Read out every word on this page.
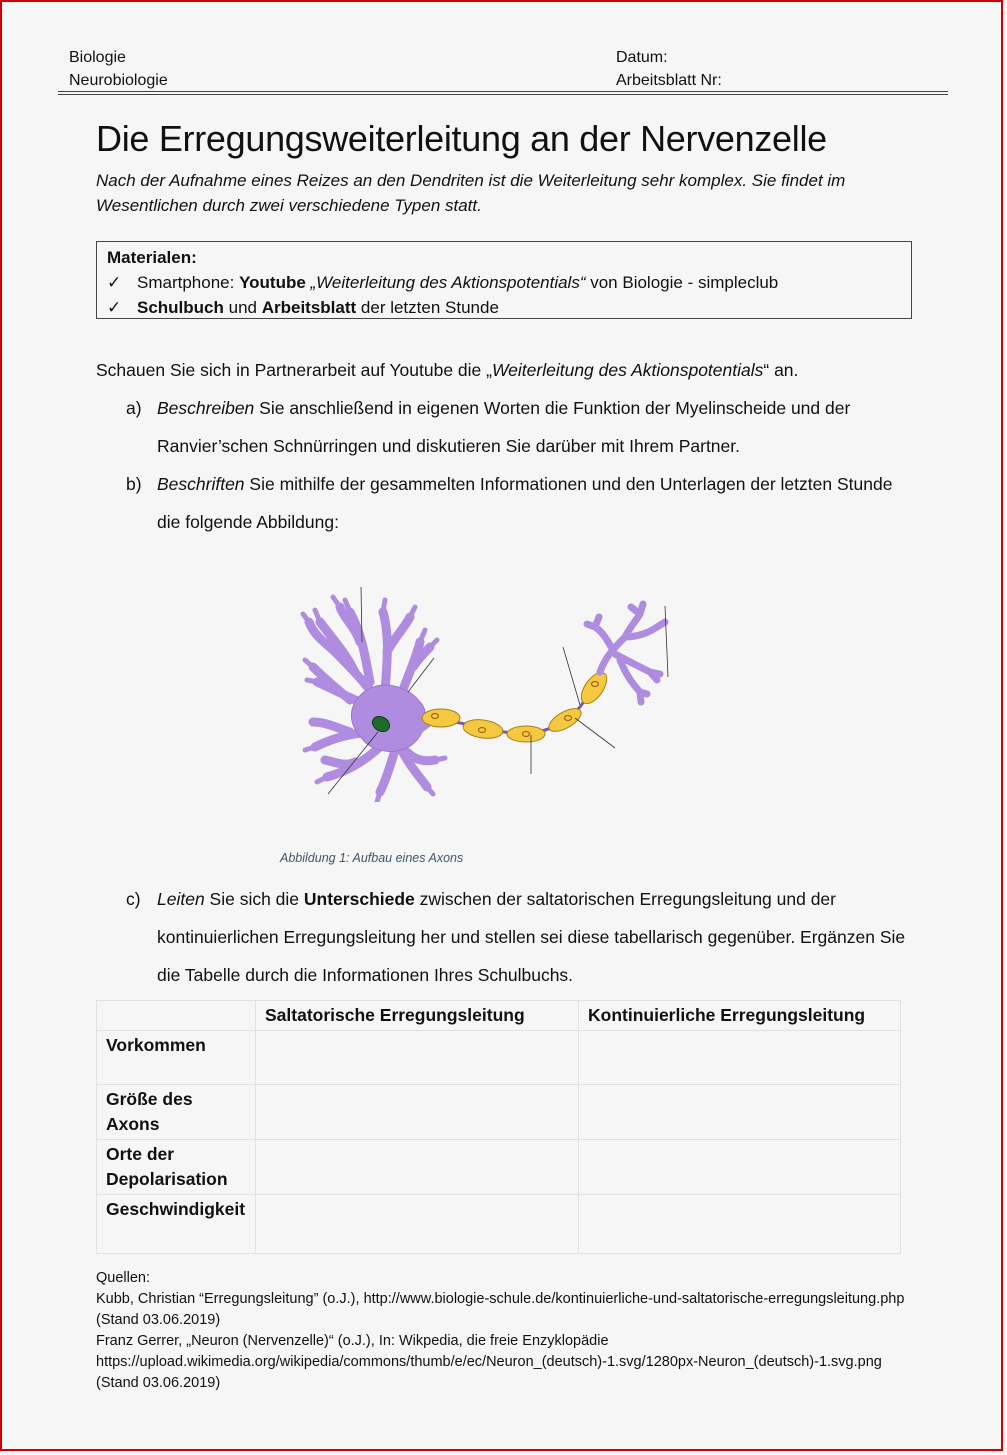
Biologie
Neurobiologie
Datum:
Arbeitsblatt Nr:
Die Erregungsweiterleitung an der Nervenzelle
Nach der Aufnahme eines Reizes an den Dendriten ist die Weiterleitung sehr komplex. Sie findet im Wesentlichen durch zwei verschiedene Typen statt.
Materialen:
✓ Smartphone: Youtube „Weiterleitung des Aktionspotentials“ von Biologie - simpleclub
✓ Schulbuch und Arbeitsblatt der letzten Stunde
Schauen Sie sich in Partnerarbeit auf Youtube die „Weiterleitung des Aktionspotentials“ an.
a) Beschreiben Sie anschließend in eigenen Worten die Funktion der Myelinscheide und der Ranvier’schen Schnürringen und diskutieren Sie darüber mit Ihrem Partner.
b) Beschriften Sie mithilfe der gesammelten Informationen und den Unterlagen der letzten Stunde die folgende Abbildung:
Abbildung 1: Aufbau eines Axons
c) Leiten Sie sich die Unterschiede zwischen der saltatorischen Erregungsleitung und der kontinuierlichen Erregungsleitung her und stellen sei diese tabellarisch gegenüber. Ergänzen Sie die Tabelle durch die Informationen Ihres Schulbuchs.
	Saltatorische Erregungsleitung	Kontinuierliche Erregungsleitung
Vorkommen		
Größe des Axons		
Orte der Depolarisation		
Geschwindigkeit		
Quellen:
Kubb, Christian “Erregungsleitung” (o.J.), http://www.biologie-schule.de/kontinuierliche-und-saltatorische-erregungsleitung.php (Stand 03.06.2019)
Franz Gerrer, „Neuron (Nervenzelle)“ (o.J.), In: Wikpedia, die freie Enzyklopädie https://upload.wikimedia.org/wikipedia/commons/thumb/e/ec/Neuron_(deutsch)-1.svg/1280px-Neuron_(deutsch)-1.svg.png (Stand 03.06.2019)
